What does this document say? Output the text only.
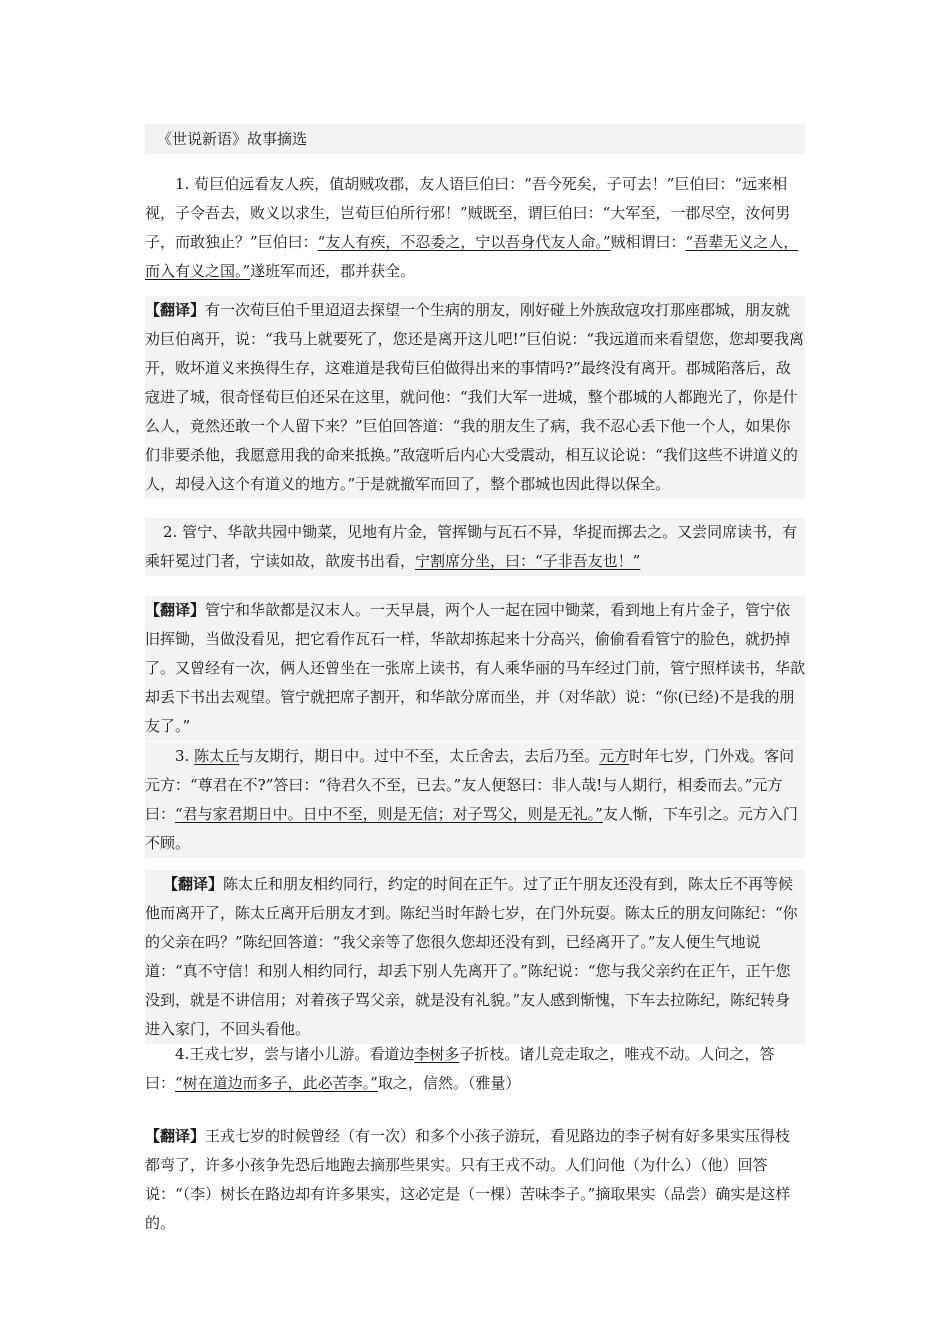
《世说新语》故事摘选

1. 荀巨伯远看友人疾，值胡贼攻郡，友人语巨伯曰：“吾今死矣，子可去！”巨伯曰：“远来相视，子令吾去，败义以求生，岂荀巨伯所行邪！”贼既至，谓巨伯曰：“大军至，一郡尽空，汝何男子，而敢独止？”巨伯曰：“友人有疾，不忍委之，宁以吾身代友人命。”贼相谓曰：“吾辈无义之人，而入有义之国。”遂班军而还，郡并获全。

【翻译】有一次荀巨伯千里迢迢去探望一个生病的朋友，刚好碰上外族敌寇攻打那座郡城，朋友就劝巨伯离开，说：“我马上就要死了，您还是离开这儿吧!”巨伯说：“我远道而来看望您，您却要我离开，败坏道义来换得生存，这难道是我荀巨伯做得出来的事情吗?”最终没有离开。郡城陷落后，敌寇进了城，很奇怪荀巨伯还呆在这里，就问他：“我们大军一进城，整个郡城的人都跑光了，你是什么人，竟然还敢一个人留下来？”巨伯回答道：“我的朋友生了病，我不忍心丢下他一个人，如果你们非要杀他，我愿意用我的命来抵换。”敌寇听后内心大受震动，相互议论说：“我们这些不讲道义的人，却侵入这个有道义的地方。”于是就撤军而回了，整个郡城也因此得以保全。

2. 管宁、华歆共园中锄菜，见地有片金，管挥锄与瓦石不异，华捉而掷去之。又尝同席读书，有乘轩冕过门者，宁读如故，歆废书出看，宁割席分坐，曰：“子非吾友也！”

【翻译】管宁和华歆都是汉末人。一天早晨，两个人一起在园中锄菜，看到地上有片金子，管宁依旧挥锄，当做没看见，把它看作瓦石一样，华歆却拣起来十分高兴，偷偷看看管宁的脸色，就扔掉了。又曾经有一次，俩人还曾坐在一张席上读书，有人乘华丽的马车经过门前，管宁照样读书，华歆却丢下书出去观望。管宁就把席子割开，和华歆分席而坐，并（对华歆）说：“你(已经)不是我的朋友了。”

3. 陈太丘与友期行，期日中。过中不至，太丘舍去，去后乃至。元方时年七岁，门外戏。客问元方：“尊君在不?”答曰：“待君久不至，已去。”友人便怒曰：非人哉!与人期行，相委而去。”元方曰：“君与家君期日中。日中不至，则是无信；对子骂父，则是无礼。”友人惭，下车引之。元方入门不顾。

【翻译】陈太丘和朋友相约同行，约定的时间在正午。过了正午朋友还没有到，陈太丘不再等候他而离开了，陈太丘离开后朋友才到。陈纪当时年龄七岁，在门外玩耍。陈太丘的朋友问陈纪：“你的父亲在吗？”陈纪回答道：“我父亲等了您很久您却还没有到，已经离开了。”友人便生气地说道：“真不守信！和别人相约同行，却丢下别人先离开了。”陈纪说：“您与我父亲约在正午，正午您没到，就是不讲信用；对着孩子骂父亲，就是没有礼貌。”友人感到惭愧，下车去拉陈纪，陈纪转身进入家门，不回头看他。

4.王戎七岁，尝与诸小儿游。看道边李树多子折枝。诸儿竞走取之，唯戎不动。人问之，答曰：“树在道边而多子，此必苦李。”取之，信然。（雅量）

【翻译】王戎七岁的时候曾经（有一次）和多个小孩子游玩，看见路边的李子树有好多果实压得枝都弯了，许多小孩争先恐后地跑去摘那些果实。只有王戎不动。人们问他（为什么）（他）回答说：“（李）树长在路边却有许多果实，这必定是（一棵）苦味李子。”摘取果实（品尝）确实是这样的。
